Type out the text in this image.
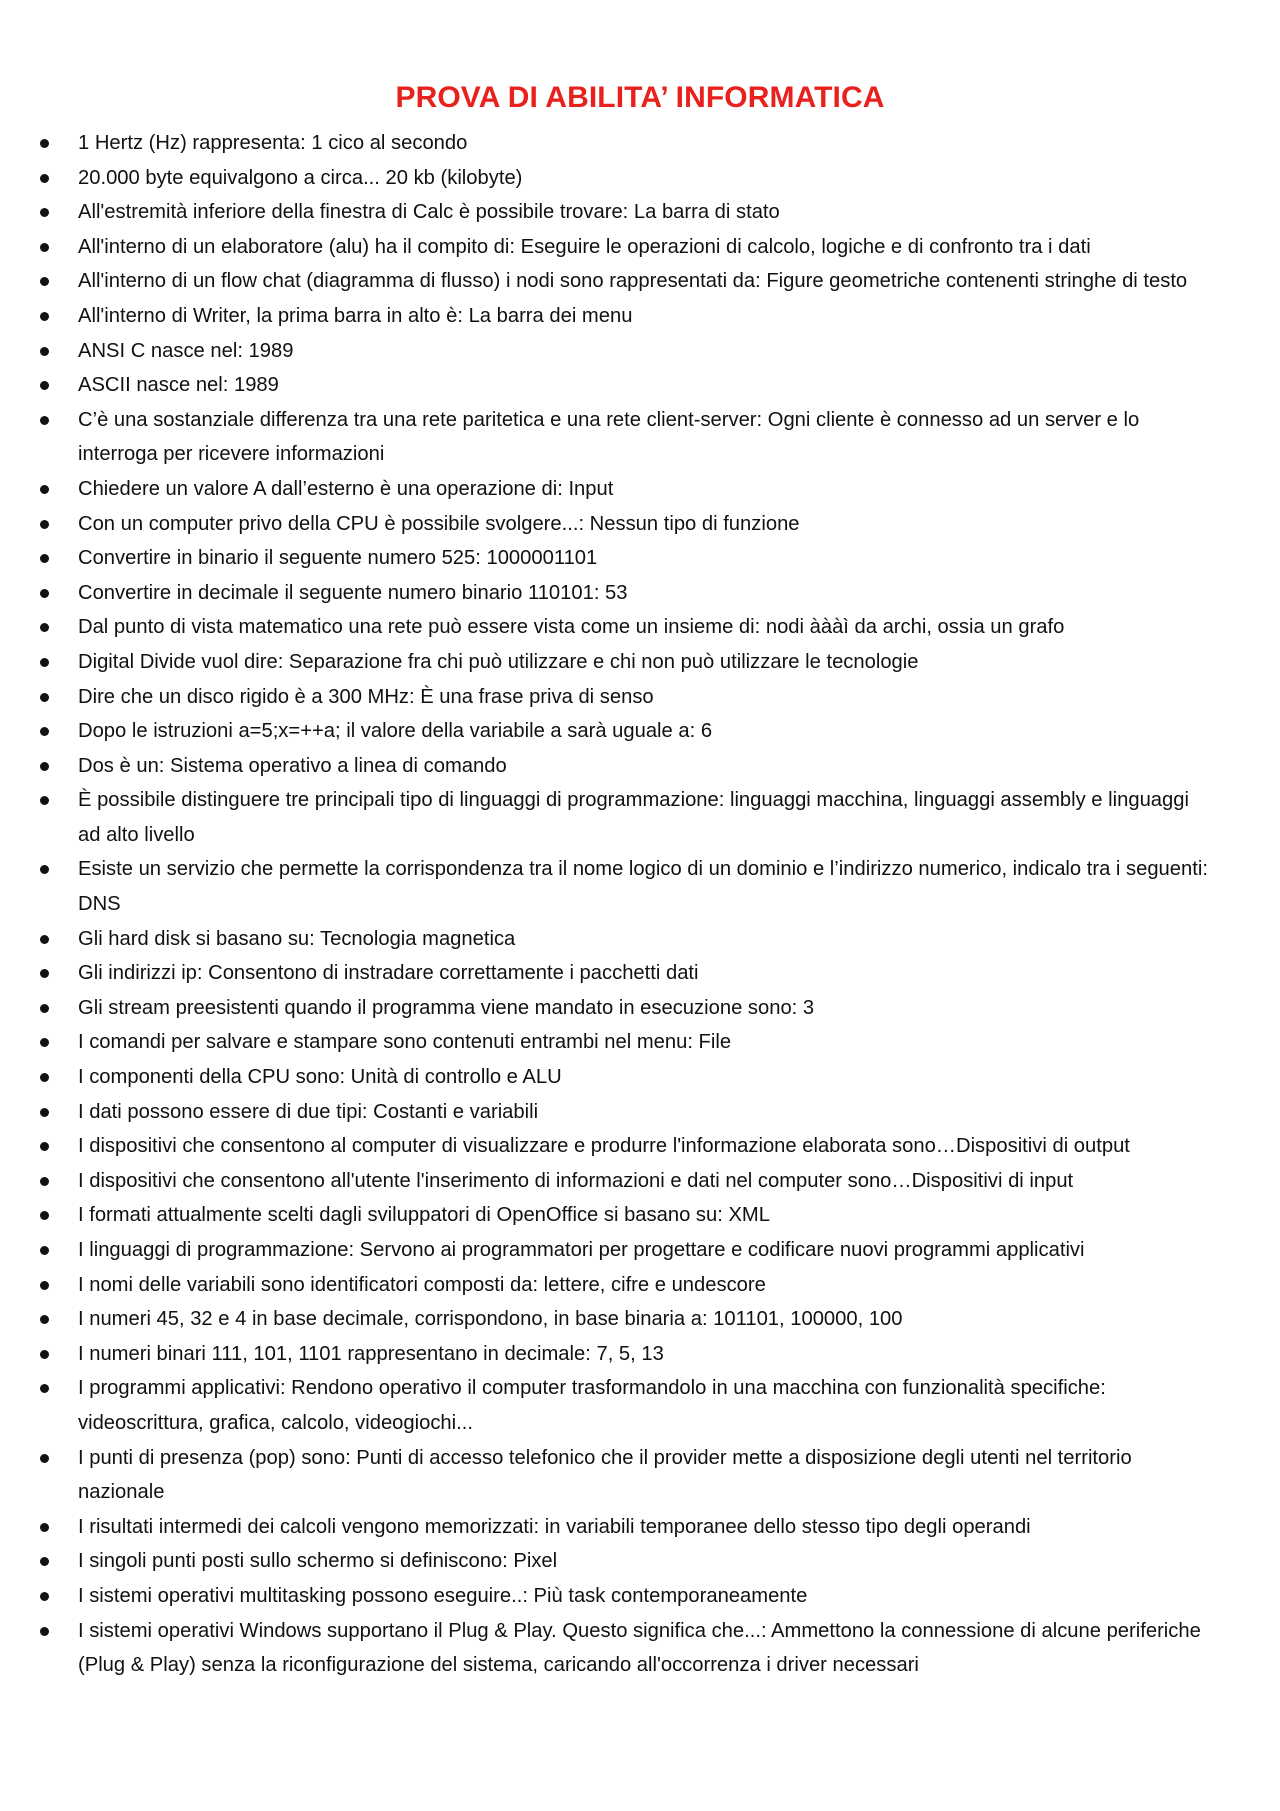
PROVA DI ABILITA’ INFORMATICA
1 Hertz (Hz) rappresenta: 1 cico al secondo
20.000 byte equivalgono a circa... 20 kb (kilobyte)
All'estremità inferiore della finestra di Calc è possibile trovare: La barra di stato
All'interno di un elaboratore (alu) ha il compito di: Eseguire le operazioni di calcolo, logiche e di confronto tra i dati
All'interno di un flow chat (diagramma di flusso) i nodi sono rappresentati da: Figure geometriche contenenti stringhe di testo
All'interno di Writer, la prima barra in alto è: La barra dei menu
ANSI C nasce nel: 1989
ASCII nasce nel: 1989
C’è una sostanziale differenza tra una rete paritetica e una rete client-server: Ogni cliente è connesso ad un server e lo interroga per ricevere informazioni
Chiedere un valore A dall’esterno è una operazione di: Input
Con un computer privo della CPU è possibile svolgere...: Nessun tipo di funzione
Convertire in binario il seguente numero 525: 1000001101
Convertire in decimale il seguente numero binario 110101: 53
Dal punto di vista matematico una rete può essere vista come un insieme di: nodi àààì da archi, ossia un grafo
Digital Divide vuol dire: Separazione fra chi può utilizzare e chi non può utilizzare le tecnologie
Dire che un disco rigido è a 300 MHz: È una frase priva di senso
Dopo le istruzioni a=5;x=++a; il valore della variabile a sarà uguale a: 6
Dos è un: Sistema operativo a linea di comando
È possibile distinguere tre principali tipo di linguaggi di programmazione: linguaggi macchina, linguaggi assembly e linguaggi ad alto livello
Esiste un servizio che permette la corrispondenza tra il nome logico di un dominio e l’indirizzo numerico, indicalo tra i seguenti: DNS
Gli hard disk si basano su: Tecnologia magnetica
Gli indirizzi ip: Consentono di instradare correttamente i pacchetti dati
Gli stream preesistenti quando il programma viene mandato in esecuzione sono: 3
I comandi per salvare e stampare sono contenuti entrambi nel menu: File
I componenti della CPU sono: Unità di controllo e ALU
I dati possono essere di due tipi: Costanti e variabili
I dispositivi che consentono al computer di visualizzare e produrre l'informazione elaborata sono…Dispositivi di output
I dispositivi che consentono all'utente l'inserimento di informazioni e dati nel computer sono…Dispositivi di input
I formati attualmente scelti dagli sviluppatori di OpenOffice si basano su: XML
I linguaggi di programmazione: Servono ai programmatori per progettare e codificare nuovi programmi applicativi
I nomi delle variabili sono identificatori composti da: lettere, cifre e undescore
I numeri 45, 32 e 4 in base decimale, corrispondono, in base binaria a: 101101, 100000, 100
I numeri binari 111, 101, 1101 rappresentano in decimale: 7, 5, 13
I programmi applicativi: Rendono operativo il computer trasformandolo in una macchina con funzionalità specifiche: videoscrittura, grafica, calcolo, videogiochi...
I punti di presenza (pop) sono: Punti di accesso telefonico che il provider mette a disposizione degli utenti nel territorio nazionale
I risultati intermedi dei calcoli vengono memorizzati: in variabili temporanee dello stesso tipo degli operandi
I singoli punti posti sullo schermo si definiscono: Pixel
I sistemi operativi multitasking possono eseguire..: Più task contemporaneamente
I sistemi operativi Windows supportano il Plug & Play. Questo significa che...: Ammettono la connessione di alcune periferiche (Plug & Play) senza la riconfigurazione del sistema, caricando all'occorrenza i driver necessari
